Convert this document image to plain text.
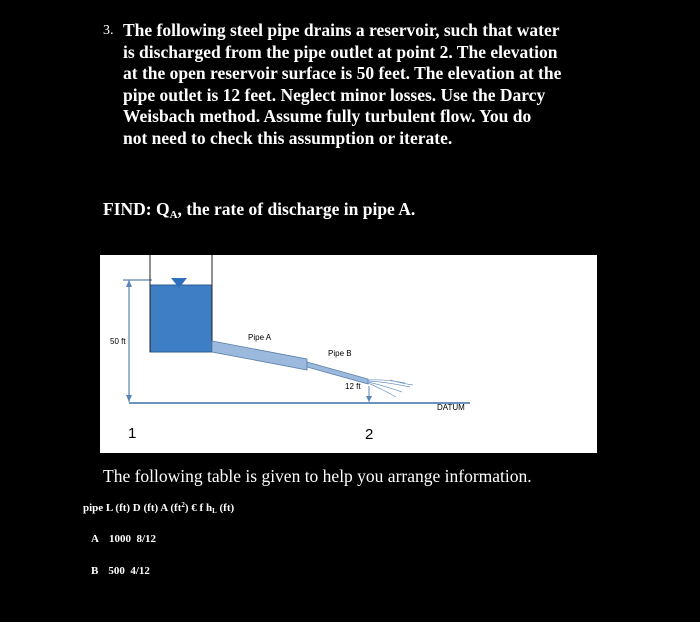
3. The following steel pipe drains a reservoir, such that water
is discharged from the pipe outlet at point 2. The elevation
at the open reservoir surface is 50 feet. The elevation at the
pipe outlet is 12 feet. Neglect minor losses. Use the Darcy
Weisbach method. Assume fully turbulent flow. You do
not need to check this assumption or iterate.
FIND: $Q_A$, the rate of discharge in pipe A.
50 ft	Pipe A
Pipe B
12 ft
DATUM
1	2
The following table is given to help you arrange information.
pipe L (ft) D (ft) A $(ft^2)$ € f $h_L$ (ft)
A 1000 8/12
B 500 4/12
